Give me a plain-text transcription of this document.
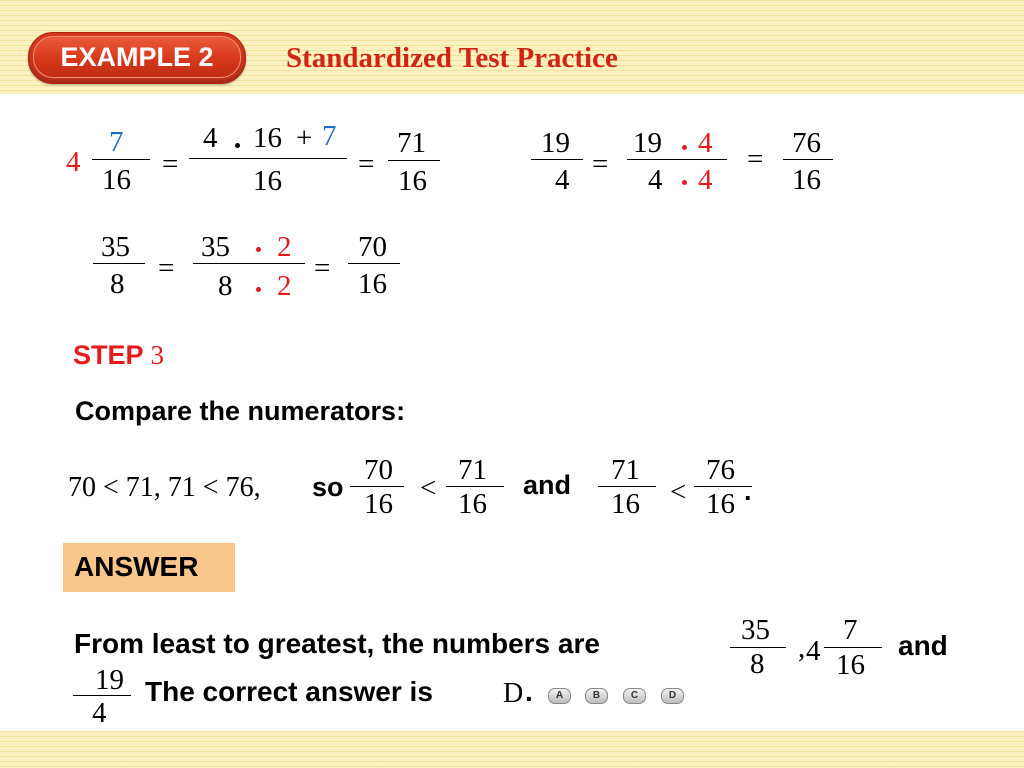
EXAMPLE 2	Standardized Test Practice
4
7
16 =
4 16 + 7
16
=
71
16
19
4 =
19 4
4 4
= 76
16
35
8 =
35 2
8 2
=
70
16
STEP 3
Compare the numerators:
70 < 71, 71 < 76, so
70
16 <
71
16
and 71
16 <
76
16 .
ANSWER
From least to greatest, the numbers are	35
8 , 4
7
16
and
19
4
The correct answer is	D .	A	B	C	D
